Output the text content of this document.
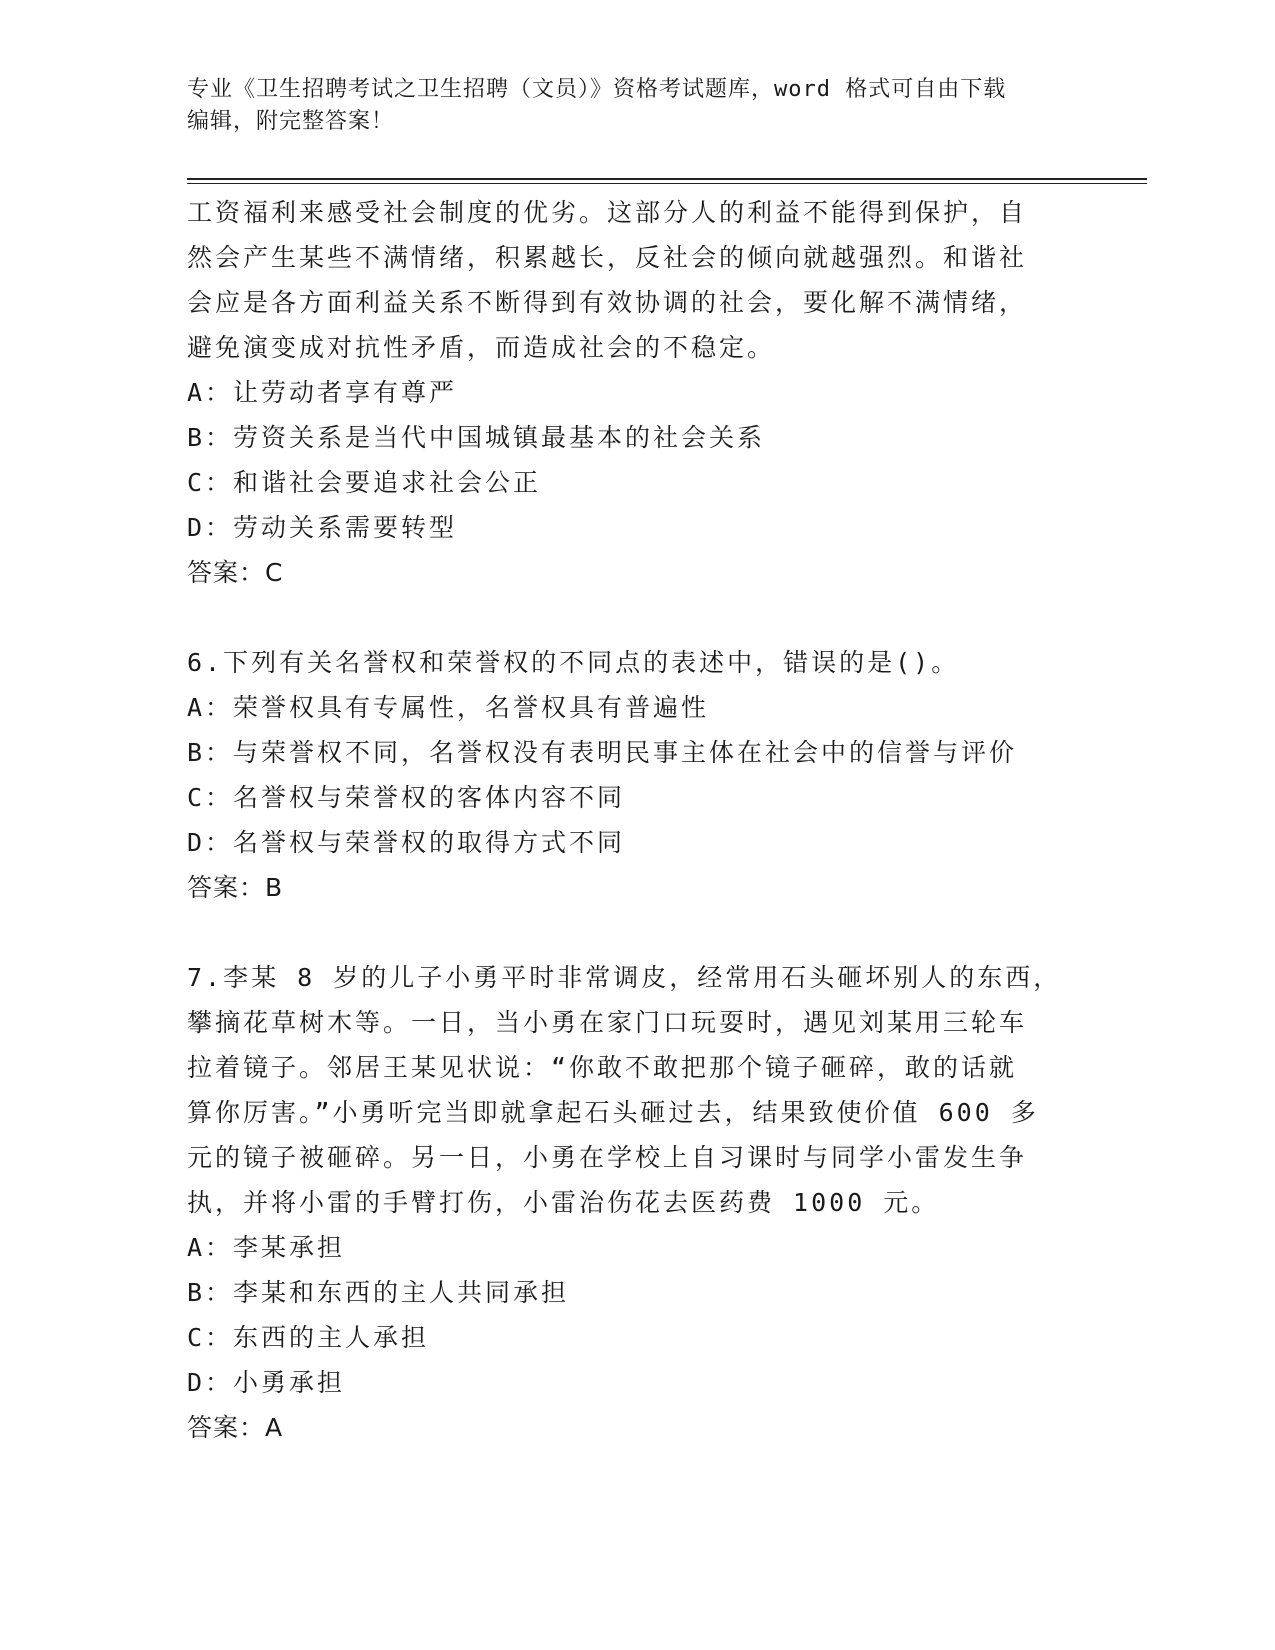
专业《卫生招聘考试之卫生招聘（文员）》资格考试题库，word 格式可自由下载
编辑，附完整答案！

工资福利来感受社会制度的优劣。这部分人的利益不能得到保护，自

然会产生某些不满情绪，积累越长，反社会的倾向就越强烈。和谐社

会应是各方面利益关系不断得到有效协调的社会，要化解不满情绪，

避免演变成对抗性矛盾，而造成社会的不稳定。

A：让劳动者享有尊严

B：劳资关系是当代中国城镇最基本的社会关系

C：和谐社会要追求社会公正

D：劳动关系需要转型

答案：C

6.下列有关名誉权和荣誉权的不同点的表述中，错误的是()。

A：荣誉权具有专属性，名誉权具有普遍性

B：与荣誉权不同，名誉权没有表明民事主体在社会中的信誉与评价

C：名誉权与荣誉权的客体内容不同

D：名誉权与荣誉权的取得方式不同

答案：B

7.李某 8 岁的儿子小勇平时非常调皮，经常用石头砸坏别人的东西，

攀摘花草树木等。一日，当小勇在家门口玩耍时，遇见刘某用三轮车

拉着镜子。邻居王某见状说：“你敢不敢把那个镜子砸碎，敢的话就

算你厉害。”小勇听完当即就拿起石头砸过去，结果致使价值 600 多

元的镜子被砸碎。另一日，小勇在学校上自习课时与同学小雷发生争

执，并将小雷的手臂打伤，小雷治伤花去医药费 1000 元。

A：李某承担

B：李某和东西的主人共同承担

C：东西的主人承担

D：小勇承担

答案：A
